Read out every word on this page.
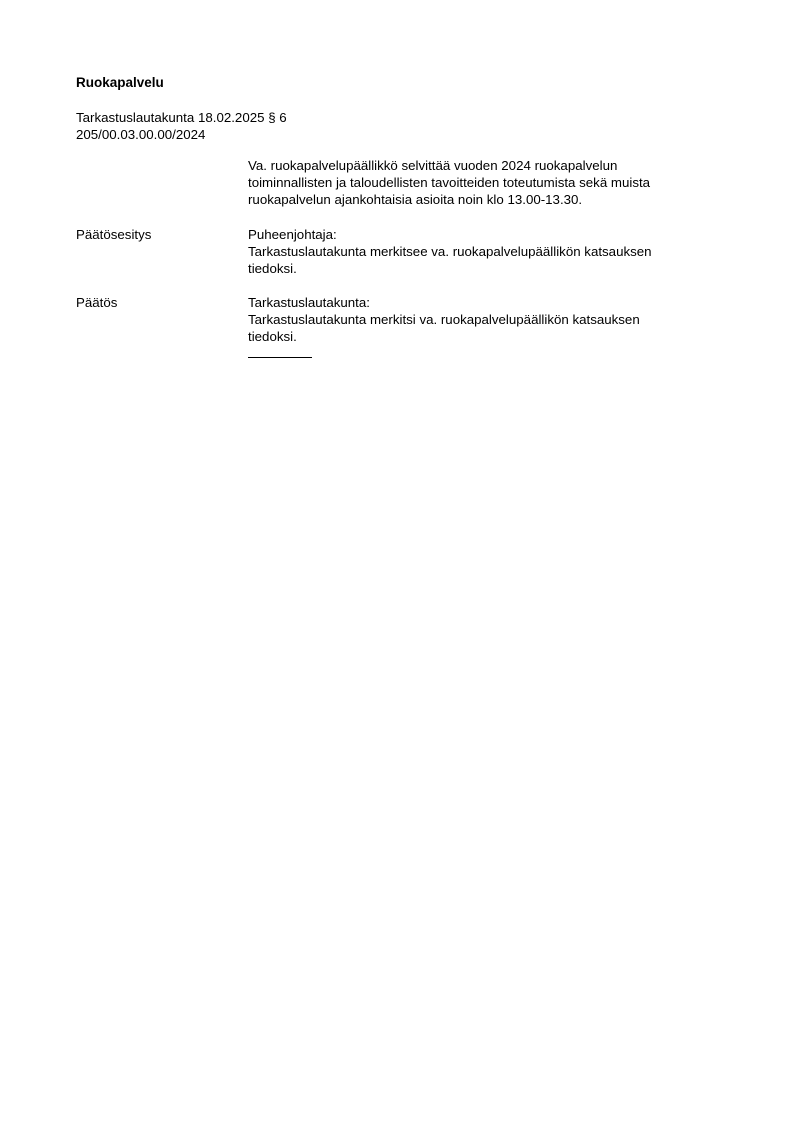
Ruokapalvelu
Tarkastuslautakunta 18.02.2025 § 6
205/00.03.00.00/2024
Va. ruokapalvelupäällikkö selvittää vuoden 2024 ruokapalvelun
toiminnallisten ja taloudellisten tavoitteiden toteutumista sekä muista
ruokapalvelun ajankohtaisia asioita noin klo 13.00-13.30.
Päätösesitys	Puheenjohtaja:
Tarkastuslautakunta merkitsee va. ruokapalvelupäällikön katsauksen
tiedoksi.
Päätös	Tarkastuslautakunta:
Tarkastuslautakunta merkitsi va. ruokapalvelupäällikön katsauksen
tiedoksi.
